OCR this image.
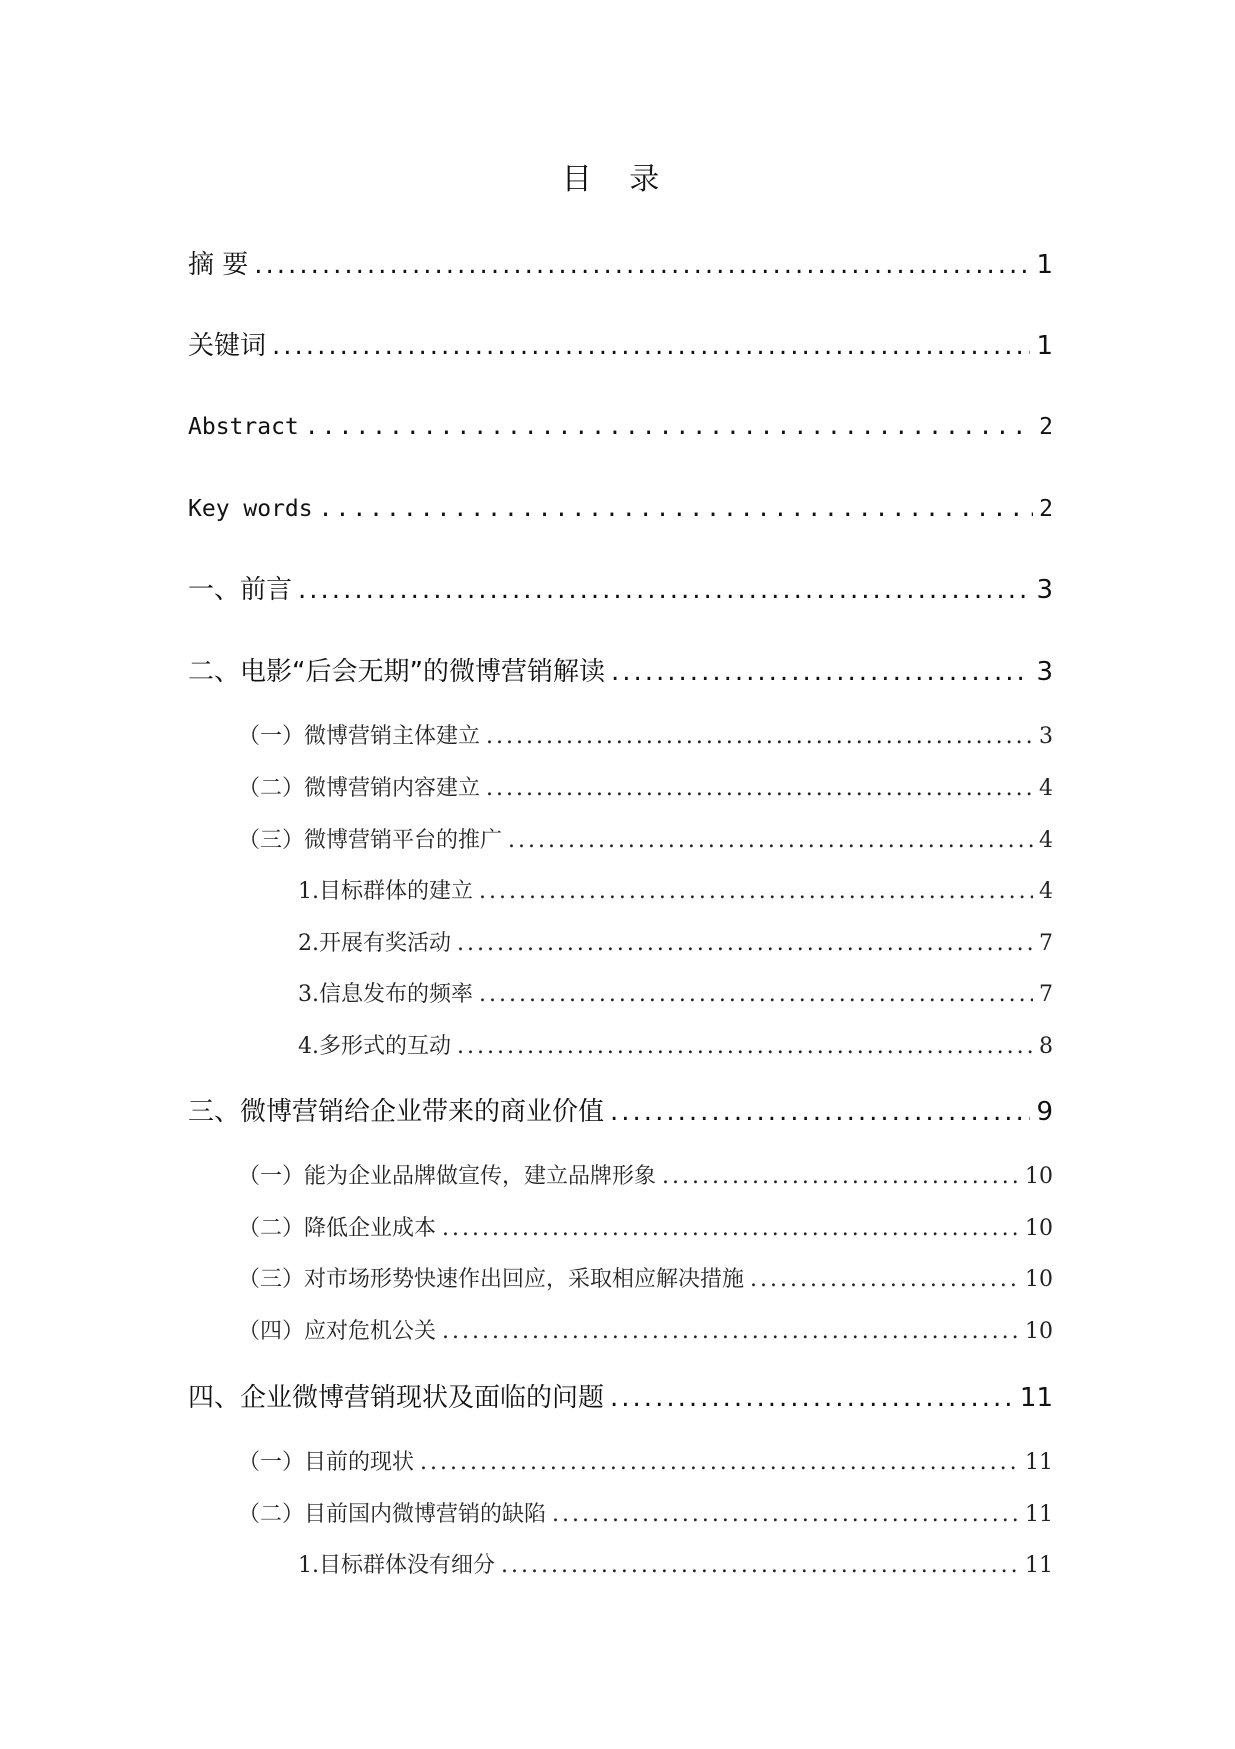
目 录
摘 要 .....	1
关键词 .....	1
Abstract .....	2
Key words .....	2
一、前言 .....	3
二、电影“后会无期”的微博营销解读 .....	3
（一）微博营销主体建立 .....	3
（二）微博营销内容建立 .....	4
（三）微博营销平台的推广 .....	4
1.目标群体的建立 .....	4
2.开展有奖活动 .....	7
3.信息发布的频率 .....	7
4.多形式的互动 .....	8
三、微博营销给企业带来的商业价值 .....	9
（一）能为企业品牌做宣传，建立品牌形象 .....	10
（二）降低企业成本 .....	10
（三）对市场形势快速作出回应，采取相应解决措施 .....	10
（四）应对危机公关 .....	10
四、企业微博营销现状及面临的问题 .....	11
（一）目前的现状 .....	11
（二）目前国内微博营销的缺陷 .....	11
1.目标群体没有细分 .....	11
